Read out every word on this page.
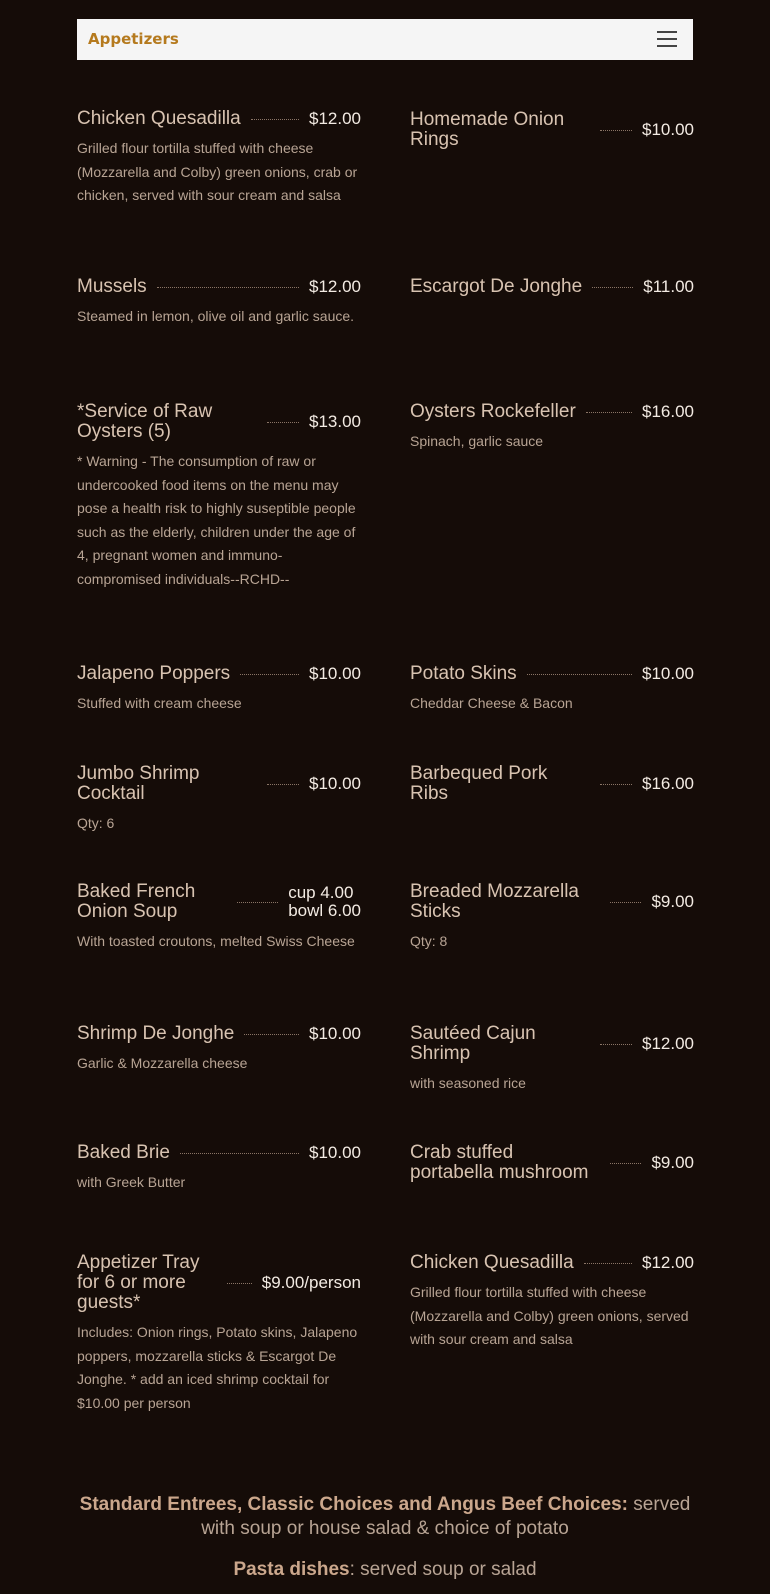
Appetizers
Chicken Quesadilla	$12.00
Grilled flour tortilla stuffed with cheese (Mozzarella and Colby) green onions, crab or chicken, served with sour cream and salsa
Mussels	$12.00
Steamed in lemon, olive oil and garlic sauce.
*Service of Raw Oysters (5)	$13.00
* Warning - The consumption of raw or undercooked food items on the menu may pose a health risk to highly suseptible people such as the elderly, children under the age of 4, pregnant women and immuno-compromised individuals--RCHD--
Jalapeno Poppers	$10.00
Stuffed with cream cheese
Jumbo Shrimp Cocktail	$10.00
Qty: 6
Baked French Onion Soup
cup 4.00
bowl 6.00
With toasted croutons, melted Swiss Cheese
Shrimp De Jonghe	$10.00
Garlic & Mozzarella cheese
Baked Brie	$10.00
with Greek Butter
Appetizer Tray for 6 or more guests*
$9.00/person
Includes: Onion rings, Potato skins, Jalapeno poppers, mozzarella sticks & Escargot De Jonghe. * add an iced shrimp cocktail for $10.00 per person
Homemade Onion Rings	$10.00
Escargot De Jonghe	$11.00
Oysters Rockefeller	$16.00
Spinach, garlic sauce
Potato Skins	$10.00
Cheddar Cheese & Bacon
Barbequed Pork Ribs	$16.00
Breaded Mozzarella Sticks	$9.00
Qty: 8
Sautéed Cajun Shrimp	$12.00
with seasoned rice
Crab stuffed portabella mushroom	$9.00
Chicken Quesadilla	$12.00
Grilled flour tortilla stuffed with cheese (Mozzarella and Colby) green onions, served with sour cream and salsa
Standard Entrees, Classic Choices and Angus Beef Choices: served with soup or house salad & choice of potato
Pasta dishes: served soup or salad
